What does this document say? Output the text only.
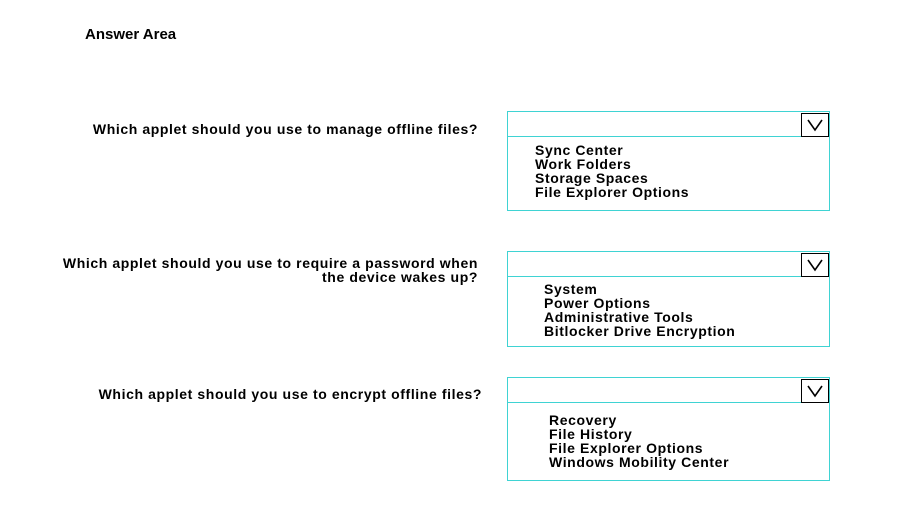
Answer Area
Which applet should you use to manage offline files?
Sync Center
Work Folders
Storage Spaces
File Explorer Options
Which applet should you use to require a password when
the device wakes up?
System
Power Options
Administrative Tools
Bitlocker Drive Encryption
Which applet should you use to encrypt offline files?
Recovery
File History
File Explorer Options
Windows Mobility Center
